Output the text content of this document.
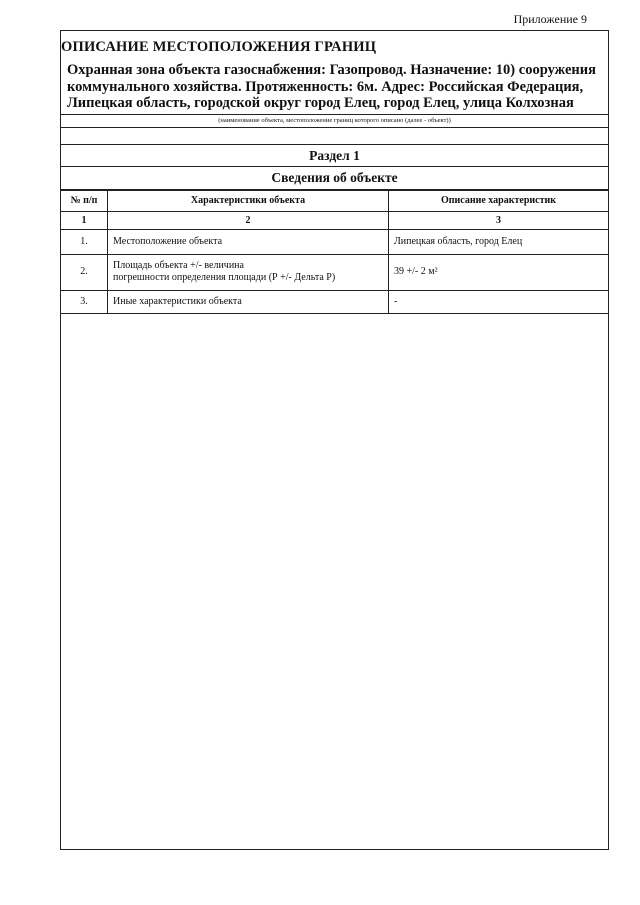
Приложение 9
ОПИСАНИЕ МЕСТОПОЛОЖЕНИЯ ГРАНИЦ
Охранная зона объекта газоснабжения: Газопровод. Назначение: 10) сооружения
коммунального хозяйства. Протяженность: 6м. Адрес: Российская Федерация,
Липецкая область, городской округ город Елец, город Елец, улица Колхозная
(наименование объекта, местоположение границ которого описано (далее - объект))
Раздел 1
Сведения об объекте
№ п/п	Характеристики объекта	Описание характеристик
1	2	3
1.	Местоположение объекта	Липецкая область, город Елец
2.	Площадь объекта +/- величина
погрешности определения площади (Р +/- Дельта Р)	39 +/- 2 м²
3.	Иные характеристики объекта	-
